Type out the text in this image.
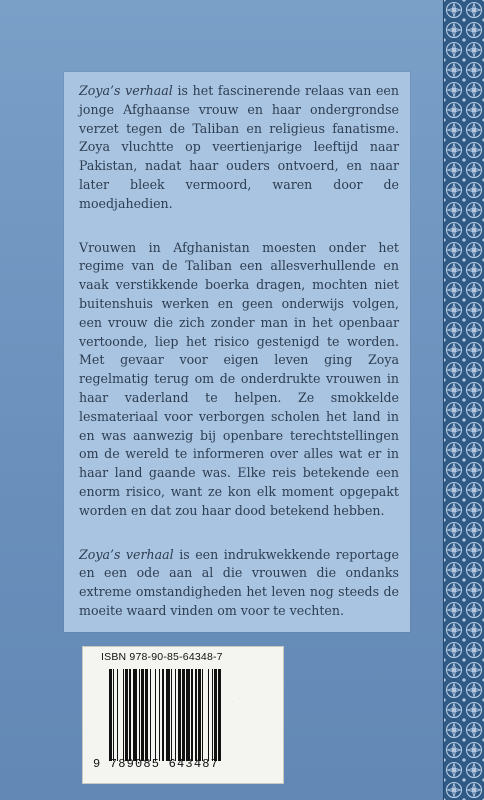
Zoya’s verhaal is het fascinerende relaas van een jonge Afghaanse vrouw en haar ondergrondse verzet tegen de Taliban en religieus fanatisme. Zoya vluchtte op veertienjarige leeftijd naar Pakistan, nadat haar ouders ontvoerd, en naar later bleek vermoord, waren door de moedjahedien.

Vrouwen in Afghanistan moesten onder het regime van de Taliban een allesverhullende en vaak verstikkende boerka dragen, mochten niet buitenshuis werken en geen onderwijs volgen, een vrouw die zich zonder man in het openbaar vertoonde, liep het risico gestenigd te worden. Met gevaar voor eigen leven ging Zoya regelmatig terug om de onderdrukte vrouwen in haar vaderland te helpen. Ze smokkelde lesmateriaal voor verborgen scholen het land in en was aanwezig bij openbare terechtstellingen om de wereld te informeren over alles wat er in haar land gaande was. Elke reis betekende een enorm risico, want ze kon elk moment opgepakt worden en dat zou haar dood betekend hebben.

Zoya’s verhaal is een indrukwekkende reportage en een ode aan al die vrouwen die ondanks extreme omstandigheden het leven nog steeds de moeite waard vinden om voor te vechten.

ISBN 978-90-85-64348-7
9 789085 643487
